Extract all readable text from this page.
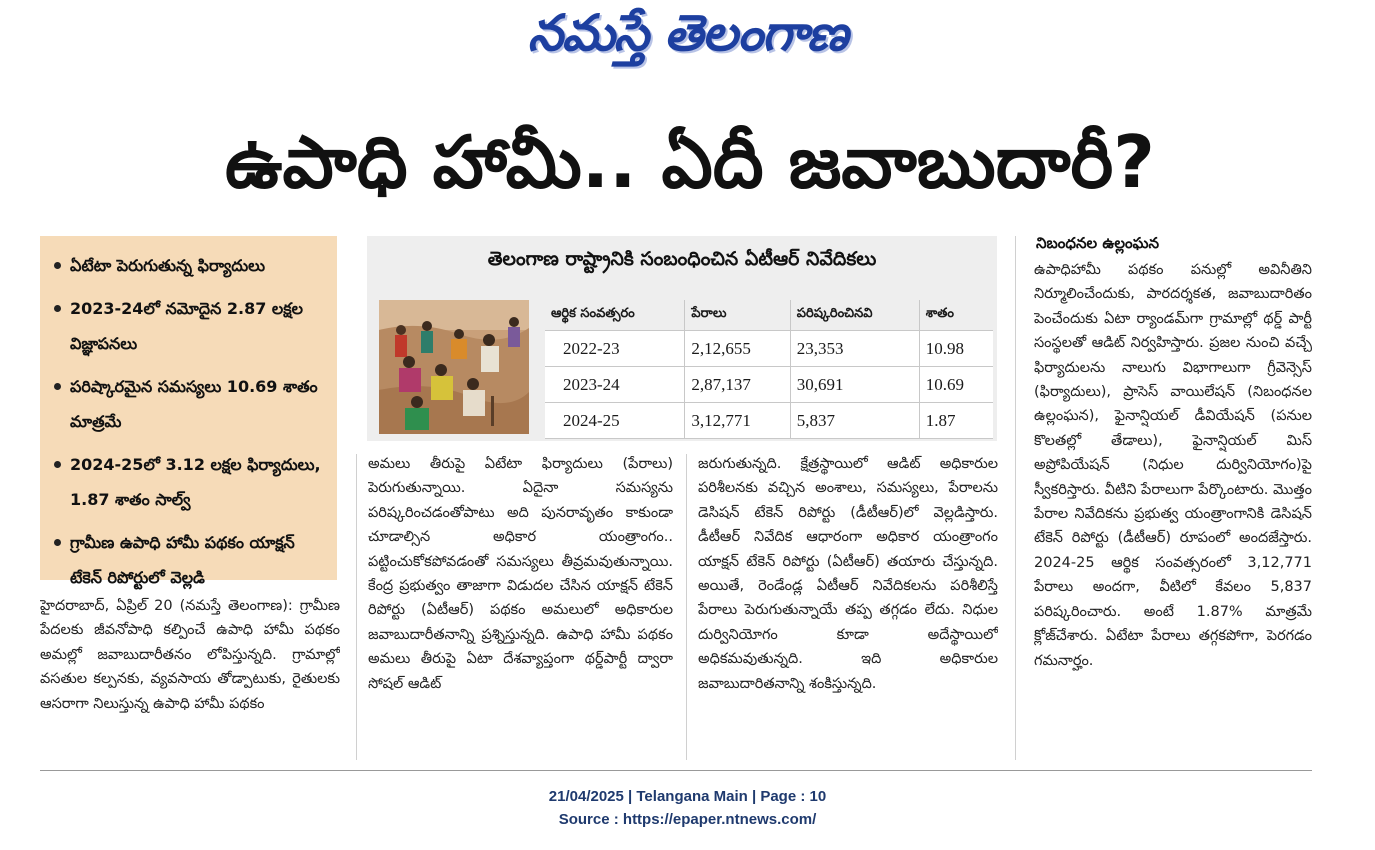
నమస్తే తెలంగాణ
ఉపాధి హామీ.. ఏదీ జవాబుదారీ?
ఏటేటా పెరుగుతున్న ఫిర్యాదులు
2023-24లో నమోదైన 2.87 లక్షల విజ్ఞాపనలు
పరిష్కారమైన సమస్యలు 10.69 శాతం మాత్రమే
2024-25లో 3.12 లక్షల ఫిర్యాదులు, 1.87 శాతం సాల్వ్
గ్రామీణ ఉపాధి హామీ పథకం యాక్షన్ టేకెన్ రిపోర్టులో వెల్లడి
తెలంగాణ రాష్ట్రానికి సంబంధించిన ఏటీఆర్ నివేదికలు
ఆర్థిక సంవత్సరం	పేరాలు	పరిష్కరించినవి	శాతం
2022-23	2,12,655	23,353	10.98
2023-24	2,87,137	30,691	10.69
2024-25	3,12,771	5,837	1.87

హైదరాబాద్, ఏప్రిల్ 20 (నమస్తే తెలంగాణ): గ్రామీణ పేదలకు జీవనోపాధి కల్పించే ఉపాధి హామీ పథకం అమల్లో జవాబుదారీతనం లోపిస్తున్నది. గ్రామాల్లో వసతుల కల్పనకు, వ్యవసాయ తోడ్పాటుకు, రైతులకు ఆసరాగా నిలుస్తున్న ఉపాధి హామీ పథకం

అమలు తీరుపై ఏటేటా ఫిర్యాదులు (పేరాలు) పెరుగుతున్నాయి. ఏదైనా సమస్యను పరిష్కరించడంతోపాటు అది పునరావృతం కాకుండా చూడాల్సిన అధికార యంత్రాంగం.. పట్టించుకోకపోవడంతో సమస్యలు తీవ్రమవుతున్నాయి. కేంద్ర ప్రభుత్వం తాజాగా విడుదల చేసిన యాక్షన్ టేకెన్ రిపోర్టు (ఏటీఆర్) పథకం అమలులో అధికారుల జవాబుదారీతనాన్ని ప్రశ్నిస్తున్నది. ఉపాధి హామీ పథకం అమలు తీరుపై ఏటా దేశవ్యాప్తంగా థర్డ్‌పార్టీ ద్వారా సోషల్ ఆడిట్

జరుగుతున్నది. క్షేత్రస్థాయిలో ఆడిట్ అధికారుల పరిశీలనకు వచ్చిన అంశాలు, సమస్యలు, పేరాలను డెసిషన్ టేకెన్ రిపోర్టు (డీటీఆర్)లో వెల్లడిస్తారు. డీటీఆర్ నివేదిక ఆధారంగా అధికార యంత్రాంగం యాక్షన్ టేకెన్ రిపోర్టు (ఏటీఆర్) తయారు చేస్తున్నది. అయితే, రెండేండ్ల ఏటీఆర్ నివేదికలను పరిశీలిస్తే పేరాలు పెరుగుతున్నాయే తప్ప తగ్గడం లేదు. నిధుల దుర్వినియోగం కూడా అదేస్థాయిలో అధికమవుతున్నది. ఇది అధికారుల జవాబుదారితనాన్ని శంకిస్తున్నది.

నిబంధనల ఉల్లంఘన

ఉపాధిహామీ పథకం పనుల్లో అవినీతిని నిర్మూలించేందుకు, పారదర్శకత, జవాబుదారితం పెంచేందుకు ఏటా ర్యాండమ్‌గా గ్రామాల్లో థర్డ్ పార్టీ సంస్థలతో ఆడిట్ నిర్వహిస్తారు. ప్రజల నుంచి వచ్చే ఫిర్యాదులను నాలుగు విభాగాలుగా గ్రీవెన్సెస్ (ఫిర్యాదులు), ప్రాసెస్ వాయిలేషన్ (నిబంధనల ఉల్లంఘన), ఫైనాన్షియల్ డీవియేషన్ (పనుల కొలతల్లో తేడాలు), ఫైనాన్షియల్ మిస్ అప్రోపియేషన్ (నిధుల దుర్వినియోగం)పై స్వీకరిస్తారు. వీటిని పేరాలుగా పేర్కొంటారు. మొత్తం పేరాల నివేదికను ప్రభుత్వ యంత్రాంగానికి డెసిషన్ టేకెన్ రిపోర్టు (డీటీఆర్) రూపంలో అందజేస్తారు. 2024-25 ఆర్థిక సంవత్సరంలో 3,12,771 పేరాలు అందగా, వీటిలో కేవలం 5,837 పరిష్కరించారు. అంటే 1.87% మాత్రమే క్లోజ్‌చేశారు. ఏటేటా పేరాలు తగ్గకపోగా, పెరగడం గమనార్హం.

21/04/2025 | Telangana Main | Page : 10
Source : https://epaper.ntnews.com/
